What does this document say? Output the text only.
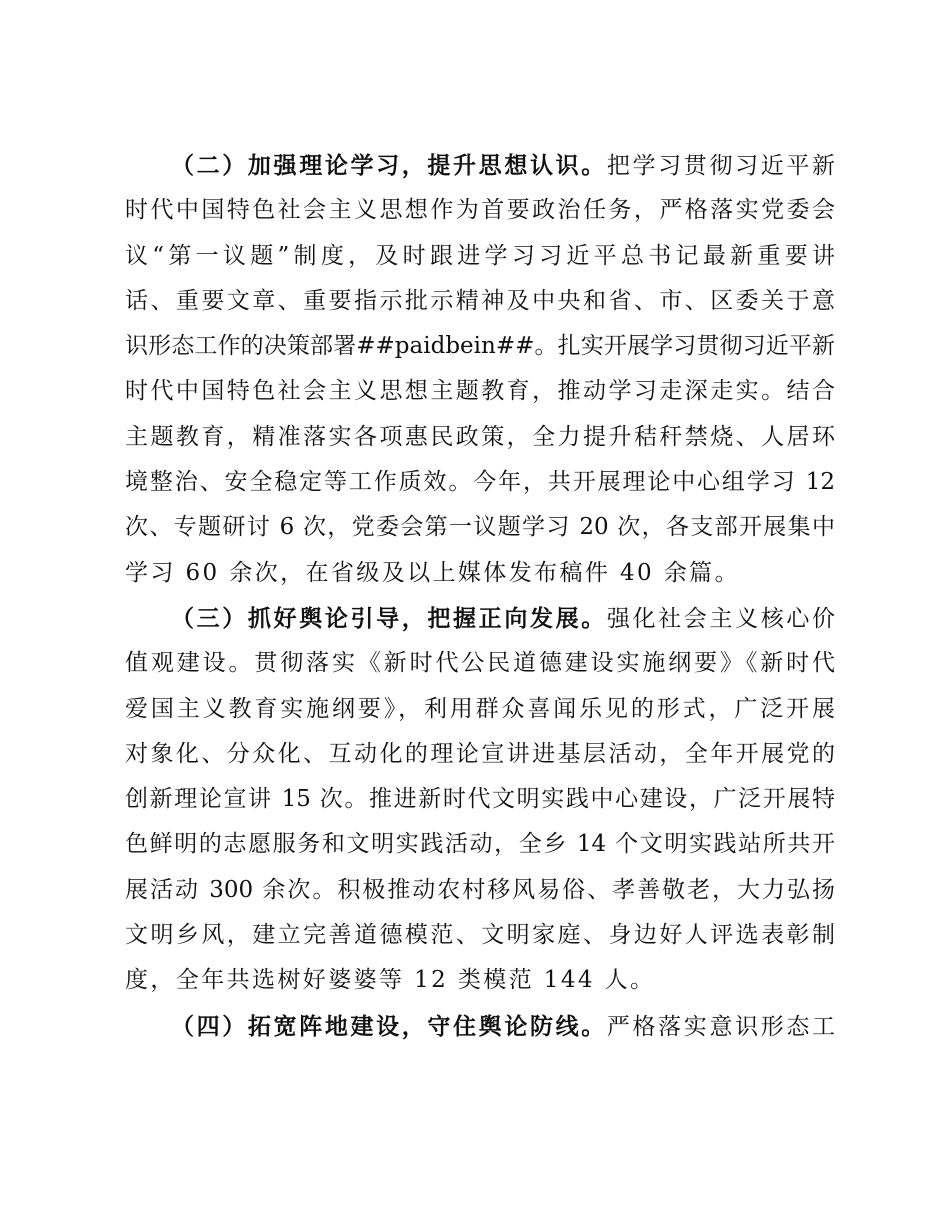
（二）加强理论学习，提升思想认识。把学习贯彻习近平新
时代中国特色社会主义思想作为首要政治任务，严格落实党委会
议“第一议题”制度，及时跟进学习习近平总书记最新重要讲
话、重要文章、重要指示批示精神及中央和省、市、区委关于意
识形态工作的决策部署##paidbein##。扎实开展学习贯彻习近平新
时代中国特色社会主义思想主题教育，推动学习走深走实。结合
主题教育，精准落实各项惠民政策，全力提升秸秆禁烧、人居环
境整治、安全稳定等工作质效。今年，共开展理论中心组学习 12
次、专题研讨 6 次，党委会第一议题学习 20 次，各支部开展集中
学习 60 余次，在省级及以上媒体发布稿件 40 余篇。
（三）抓好舆论引导，把握正向发展。强化社会主义核心价
值观建设。贯彻落实《新时代公民道德建设实施纲要》《新时代
爱国主义教育实施纲要》，利用群众喜闻乐见的形式，广泛开展
对象化、分众化、互动化的理论宣讲进基层活动，全年开展党的
创新理论宣讲 15 次。推进新时代文明实践中心建设，广泛开展特
色鲜明的志愿服务和文明实践活动，全乡 14 个文明实践站所共开
展活动 300 余次。积极推动农村移风易俗、孝善敬老，大力弘扬
文明乡风，建立完善道德模范、文明家庭、身边好人评选表彰制
度，全年共选树好婆婆等 12 类模范 144 人。
（四）拓宽阵地建设，守住舆论防线。严格落实意识形态工
